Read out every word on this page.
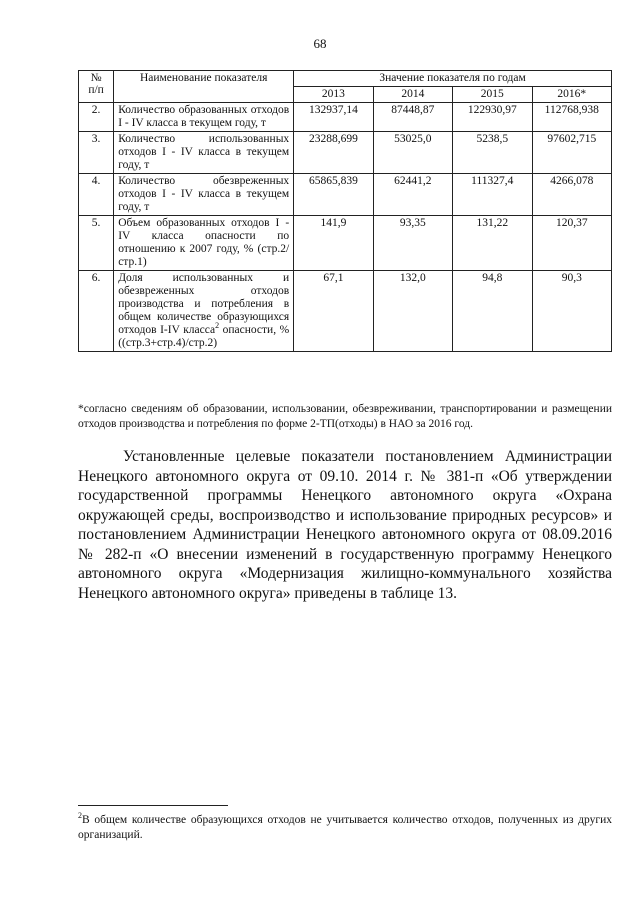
68
№
п/п	Наименование показателя	Значение показателя по годам			
		2013	2014	2015	2016*
2.	Количество образованных отходов I - IV класса в текущем году, т	132937,14	87448,87	122930,97	112768,938
3.	Количество использованных отходов I - IV класса в текущем году, т	23288,699	53025,0	5238,5	97602,715
4.	Количество обезвреженных отходов I - IV класса в текущем году, т	65865,839	62441,2	111327,4	4266,078
5.	Объем образованных отходов I - IV класса опасности по отношению к 2007 году, % (стр.2/стр.1)	141,9	93,35	131,22	120,37
6.	Доля использованных и обезвреженных отходов производства и потребления в общем количестве образующихся отходов I-IV класса$^2$ опасности, % ((стр.3+стр.4)/стр.2)	67,1	132,0	94,8	90,3
*согласно сведениям об образовании, использовании, обезвреживании, транспортировании и размещении отходов производства и потребления по форме 2-ТП(отходы) в НАО за 2016 год.

Установленные целевые показатели постановлением Администрации Ненецкого автономного округа от 09.10. 2014 г. № 381-п «Об утверждении государственной программы Ненецкого автономного округа «Охрана окружающей среды, воспроизводство и использование природных ресурсов» и постановлением Администрации Ненецкого автономного округа от 08.09.2016 № 282-п «О внесении изменений в государственную программу Ненецкого автономного округа «Модернизация жилищно-коммунального хозяйства Ненецкого автономного округа» приведены в таблице 13.

$^2$В общем количестве образующихся отходов не учитывается количество отходов, полученных из других организаций.
